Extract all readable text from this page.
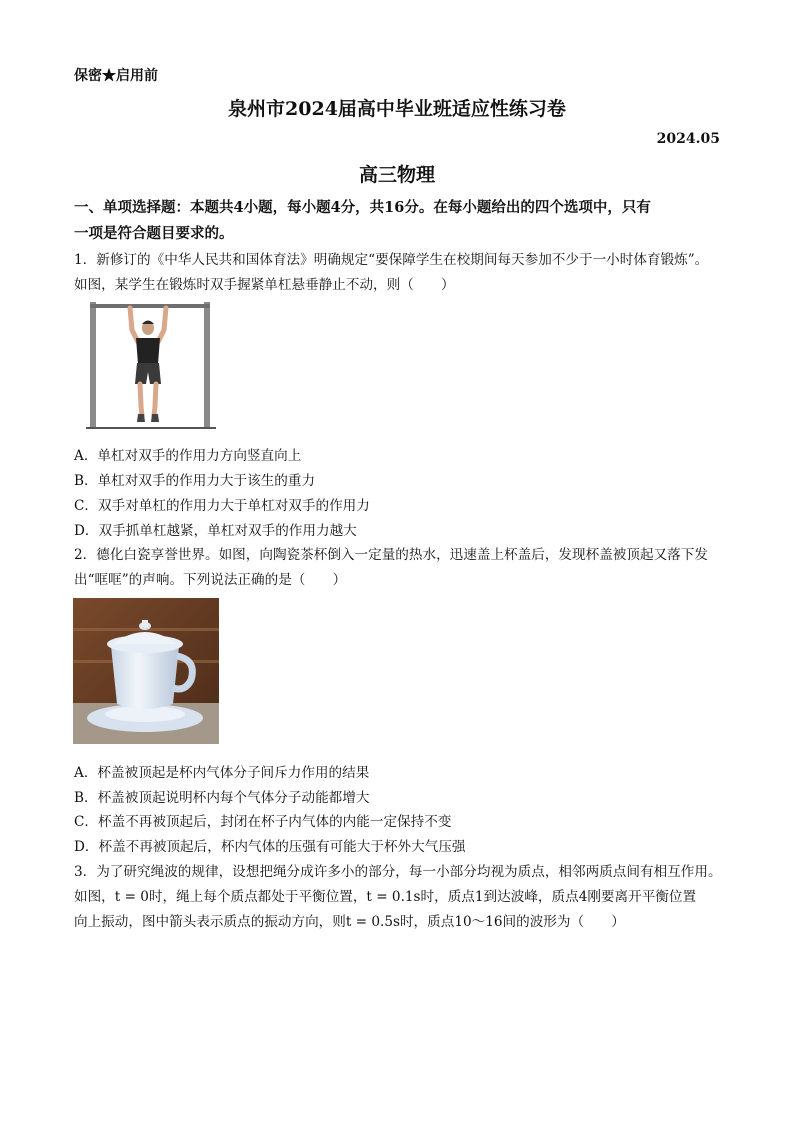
保密★启用前
泉州市2024届高中毕业班适应性练习卷
2024.05
高三物理
一、单项选择题：本题共4小题，每小题4分，共16分。在每小题给出的四个选项中，只有
一项是符合题目要求的。
1．新修订的《中华人民共和国体育法》明确规定“要保障学生在校期间每天参加不少于一小时体育锻炼”。
如图，某学生在锻炼时双手握紧单杠悬垂静止不动，则（　　）
A．单杠对双手的作用力方向竖直向上
B．单杠对双手的作用力大于该生的重力
C．双手对单杠的作用力大于单杠对双手的作用力
D．双手抓单杠越紧，单杠对双手的作用力越大
2．德化白瓷享誉世界。如图，向陶瓷茶杯倒入一定量的热水，迅速盖上杯盖后，发现杯盖被顶起又落下发
出“哐哐”的声响。下列说法正确的是（　　）
A．杯盖被顶起是杯内气体分子间斥力作用的结果
B．杯盖被顶起说明杯内每个气体分子动能都增大
C．杯盖不再被顶起后，封闭在杯子内气体的内能一定保持不变
D．杯盖不再被顶起后，杯内气体的压强有可能大于杯外大气压强
3．为了研究绳波的规律，设想把绳分成许多小的部分，每一小部分均视为质点，相邻两质点间有相互作用。
如图，t = 0时，绳上每个质点都处于平衡位置，t = 0.1s时，质点1到达波峰，质点4刚要离开平衡位置
向上振动，图中箭头表示质点的振动方向，则t = 0.5s时，质点10～16间的波形为（　　）
